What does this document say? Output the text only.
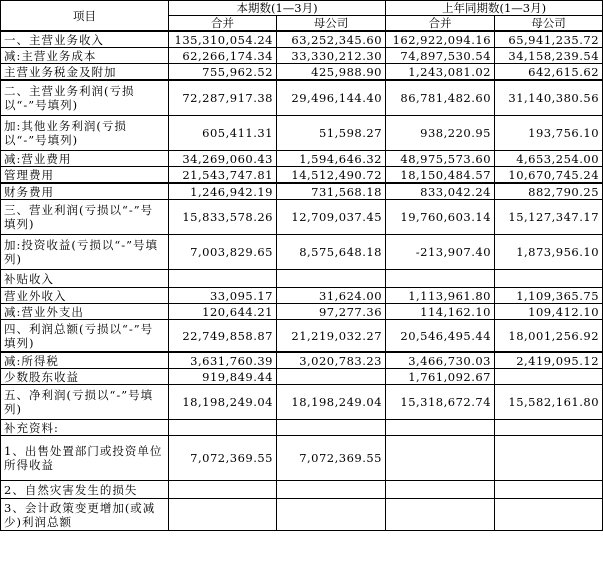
项目	本期数(1—3月)		上年同期数(1—3月)	
	合并	母公司	合并	母公司
一、主营业务收入	135,310,054.24	63,252,345.60	162,922,094.16	65,941,235.72
减:主营业务成本	62,266,174.34	33,330,212.30	74,897,530.54	34,158,239.54
主营业务税金及附加	755,962.52	425,988.90	1,243,081.02	642,615.62
二、主营业务利润(亏损以“-”号填列)	72,287,917.38	29,496,144.40	86,781,482.60	31,140,380.56
加:其他业务利润(亏损以“-”号填列)	605,411.31	51,598.27	938,220.95	193,756.10
减:营业费用	34,269,060.43	1,594,646.32	48,975,573.60	4,653,254.00
管理费用	21,543,747.81	14,512,490.72	18,150,484.57	10,670,745.24
财务费用	1,246,942.19	731,568.18	833,042.24	882,790.25
三、营业利润(亏损以“-”号填列)	15,833,578.26	12,709,037.45	19,760,603.14	15,127,347.17
加:投资收益(亏损以“-”号填列)	7,003,829.65	8,575,648.18	-213,907.40	1,873,956.10
补贴收入				
营业外收入	33,095.17	31,624.00	1,113,961.80	1,109,365.75
减:营业外支出	120,644.21	97,277.36	114,162.10	109,412.10
四、利润总额(亏损以“-”号填列)	22,749,858.87	21,219,032.27	20,546,495.44	18,001,256.92
减:所得税	3,631,760.39	3,020,783.23	3,466,730.03	2,419,095.12
少数股东收益	919,849.44		1,761,092.67	
五、净利润(亏损以“-”号填列)	18,198,249.04	18,198,249.04	15,318,672.74	15,582,161.80
补充资料:				
1、出售处置部门或投资单位所得收益	7,072,369.55	7,072,369.55		
2、自然灾害发生的损失				
3、会计政策变更增加(或减少)利润总额				
